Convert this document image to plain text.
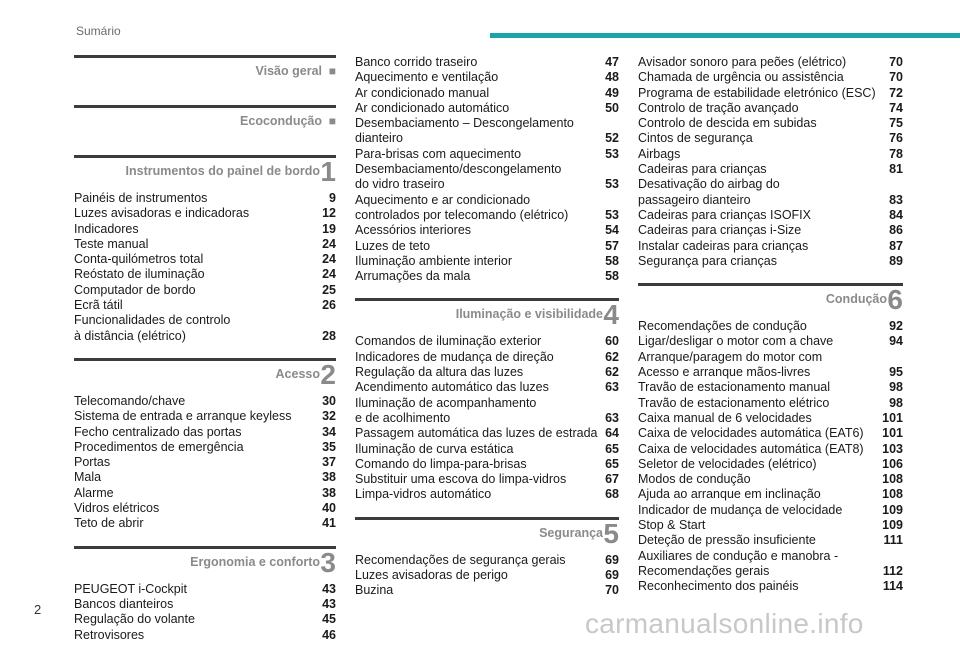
Sumário
Visão geral ■
Ecocondução ■
Instrumentos do painel de bordo 1
Painéis de instrumentos	9
Luzes avisadoras e indicadoras	12
Indicadores	19
Teste manual	24
Conta-quilómetros total	24
Reóstato de iluminação	24
Computador de bordo	25
Ecrã tátil	26
Funcionalidades de controlo
à distância (elétrico)	28
Acesso 2
Telecomando/chave	30
Sistema de entrada e arranque keyless	32
Fecho centralizado das portas	34
Procedimentos de emergência	35
Portas	37
Mala	38
Alarme	38
Vidros elétricos	40
Teto de abrir	41
Ergonomia e conforto 3
PEUGEOT i-Cockpit	43
Bancos dianteiros	43
Regulação do volante	45
Retrovisores	46
Banco corrido traseiro	47
Aquecimento e ventilação	48
Ar condicionado manual	49
Ar condicionado automático	50
Desembaciamento – Descongelamento
dianteiro	52
Para-brisas com aquecimento	53
Desembaciamento/descongelamento
do vidro traseiro	53
Aquecimento e ar condicionado
controlados por telecomando (elétrico)	53
Acessórios interiores	54
Luzes de teto	57
Iluminação ambiente interior	58
Arrumações da mala	58
Iluminação e visibilidade 4
Comandos de iluminação exterior	60
Indicadores de mudança de direção	62
Regulação da altura das luzes	62
Acendimento automático das luzes	63
Iluminação de acompanhamento
e de acolhimento	63
Passagem automática das luzes de estrada 64
Iluminação de curva estática	65
Comando do limpa-para-brisas	65
Substituir uma escova do limpa-vidros	67
Limpa-vidros automático	68
Segurança 5
Recomendações de segurança gerais	69
Luzes avisadoras de perigo	69
Buzina	70
Avisador sonoro para peões (elétrico)	70
Chamada de urgência ou assistência	70
Programa de estabilidade eletrónico (ESC)	72
Controlo de tração avançado	74
Controlo de descida em subidas	75
Cintos de segurança	76
Airbags	78
Cadeiras para crianças	81
Desativação do airbag do
passageiro dianteiro	83
Cadeiras para crianças ISOFIX	84
Cadeiras para crianças i-Size	86
Instalar cadeiras para crianças	87
Segurança para crianças	89
Condução 6
Recomendações de condução	92
Ligar/desligar o motor com a chave	94
Arranque/paragem do motor com
Acesso e arranque mãos-livres	95
Travão de estacionamento manual	98
Travão de estacionamento elétrico	98
Caixa manual de 6 velocidades	101
Caixa de velocidades automática (EAT6)	101
Caixa de velocidades automática (EAT8)	103
Seletor de velocidades (elétrico)	106
Modos de condução	108
Ajuda ao arranque em inclinação	108
Indicador de mudança de velocidade	109
Stop & Start	109
Deteção de pressão insuficiente	111
Auxiliares de condução e manobra -
Recomendações gerais	112
Reconhecimento dos painéis	114
2	carmanualsonline.info
